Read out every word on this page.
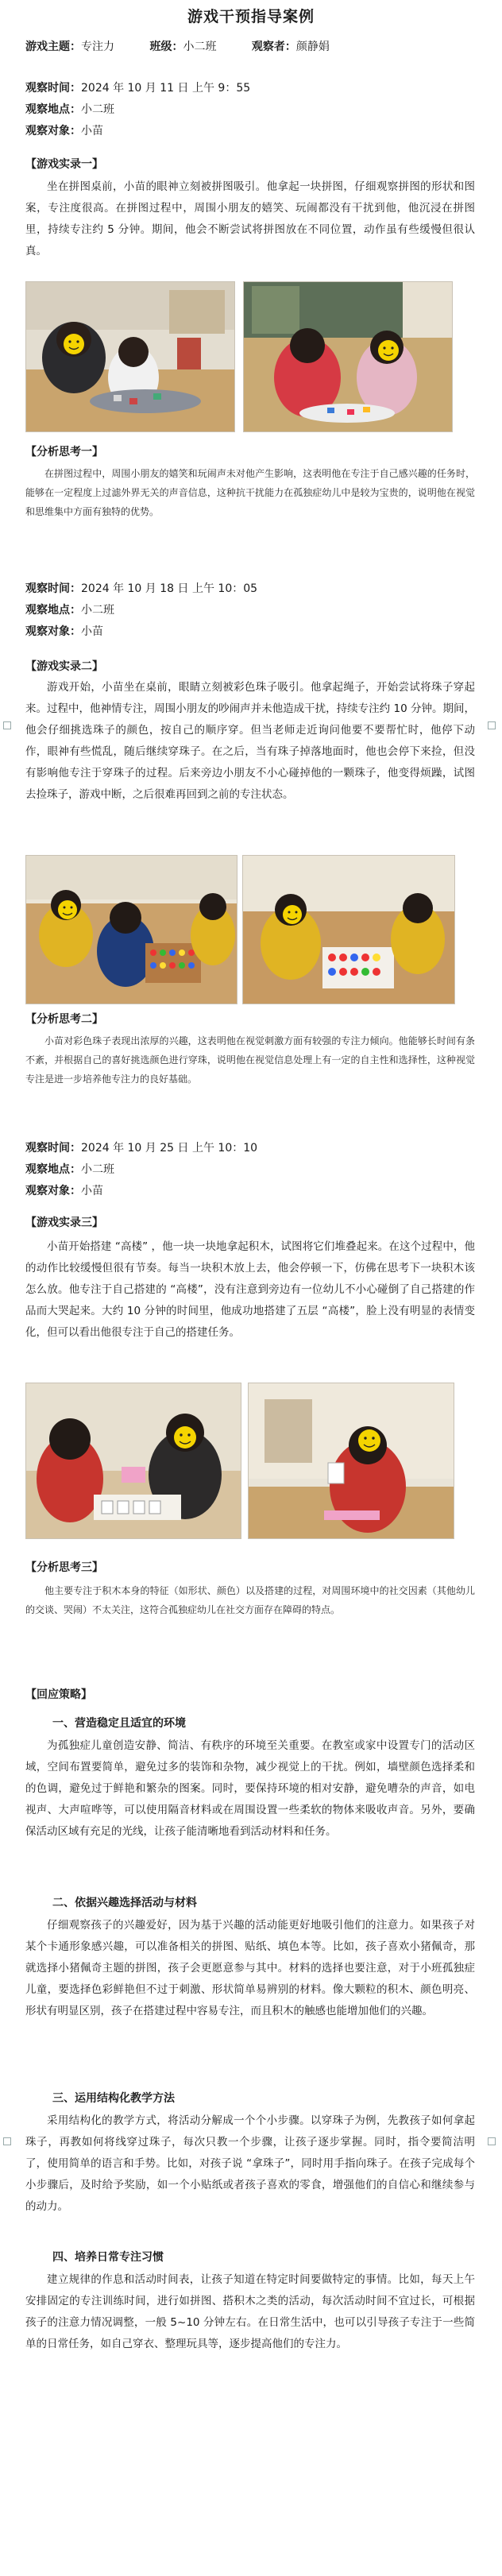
游戏干预指导案例
游戏主题：专注力	班级：小二班	观察者：颜静娟
观察时间：2024 年 10 月 11 日 上午 9：55
观察地点：小二班
观察对象：小苗
【游戏实录一】

坐在拼图桌前，小苗的眼神立刻被拼图吸引。他拿起一块拼图，仔细观察拼图的形状和图案，专注度很高。在拼图过程中，周围小朋友的嬉笑、玩闹都没有干扰到他，他沉浸在拼图里，持续专注约 5 分钟。期间，他会不断尝试将拼图放在不同位置，动作虽有些缓慢但很认真。

【分析思考一】

在拼图过程中，周围小朋友的嬉笑和玩闹声未对他产生影响，这表明他在专注于自己感兴趣的任务时，能够在一定程度上过滤外界无关的声音信息，这种抗干扰能力在孤独症幼儿中是较为宝贵的，说明他在视觉和思维集中方面有独特的优势。

观察时间：2024 年 10 月 18 日 上午 10：05
观察地点：小二班
观察对象：小苗
【游戏实录二】

游戏开始，小苗坐在桌前，眼睛立刻被彩色珠子吸引。他拿起绳子，开始尝试将珠子穿起来。过程中，他神情专注，周围小朋友的吵闹声并未他造成干扰，持续专注约 10 分钟。期间，他会仔细挑选珠子的颜色，按自己的顺序穿。但当老师走近询问他要不要帮忙时，他停下动作，眼神有些慌乱，随后继续穿珠子。在之后，当有珠子掉落地面时，他也会停下来捡，但没有影响他专注于穿珠子的过程。后来旁边小朋友不小心碰掉他的一颗珠子，他变得烦躁，试图去捡珠子，游戏中断，之后很难再回到之前的专注状态。

【分析思考二】

小苗对彩色珠子表现出浓厚的兴趣，这表明他在视觉刺激方面有较强的专注力倾向。他能够长时间有条不紊，并根据自己的喜好挑选颜色进行穿珠，说明他在视觉信息处理上有一定的自主性和选择性，这种视觉专注是进一步培养他专注力的良好基础。

观察时间：2024 年 10 月 25 日 上午 10：10
观察地点：小二班
观察对象：小苗
【游戏实录三】

小苗开始搭建 “高楼” ，他一块一块地拿起积木，试图将它们堆叠起来。在这个过程中，他的动作比较缓慢但很有节奏。每当一块积木放上去，他会停顿一下，仿佛在思考下一块积木该怎么放。他专注于自己搭建的 “高楼”，没有注意到旁边有一位幼儿不小心碰倒了自己搭建的作品而大哭起来。大约 10 分钟的时间里，他成功地搭建了五层 “高楼”，脸上没有明显的表情变化，但可以看出他很专注于自己的搭建任务。

【分析思考三】

他主要专注于积木本身的特征（如形状、颜色）以及搭建的过程，对周围环境中的社交因素（其他幼儿的交谈、哭闹）不太关注，这符合孤独症幼儿在社交方面存在障碍的特点。

【回应策略】
一、营造稳定且适宜的环境

为孤独症儿童创造安静、简洁、有秩序的环境至关重要。在教室或家中设置专门的活动区域，空间布置要简单，避免过多的装饰和杂物，减少视觉上的干扰。例如，墙壁颜色选择柔和的色调，避免过于鲜艳和繁杂的图案。同时，要保持环境的相对安静，避免嘈杂的声音，如电视声、大声喧哗等，可以使用隔音材料或在周围设置一些柔软的物体来吸收声音。另外，要确保活动区域有充足的光线，让孩子能清晰地看到活动材料和任务。

二、依据兴趣选择活动与材料

仔细观察孩子的兴趣爱好，因为基于兴趣的活动能更好地吸引他们的注意力。如果孩子对某个卡通形象感兴趣，可以准备相关的拼图、贴纸、填色本等。比如，孩子喜欢小猪佩奇，那就选择小猪佩奇主题的拼图，孩子会更愿意参与其中。材料的选择也要注意，对于小班孤独症儿童，要选择色彩鲜艳但不过于刺激、形状简单易辨别的材料。像大颗粒的积木、颜色明亮、形状有明显区别，孩子在搭建过程中容易专注，而且积木的触感也能增加他们的兴趣。

三、运用结构化教学方法

采用结构化的教学方式，将活动分解成一个个小步骤。以穿珠子为例，先教孩子如何拿起珠子，再教如何将线穿过珠子，每次只教一个步骤，让孩子逐步掌握。同时，指令要简洁明了，使用简单的语言和手势。比如，对孩子说 “拿珠子”，同时用手指向珠子。在孩子完成每个小步骤后，及时给予奖励，如一个小贴纸或者孩子喜欢的零食，增强他们的自信心和继续参与的动力。

四、培养日常专注习惯

建立规律的作息和活动时间表，让孩子知道在特定时间要做特定的事情。比如，每天上午安排固定的专注训练时间，进行如拼图、搭积木之类的活动，每次活动时间不宜过长，可根据孩子的注意力情况调整，一般 5~10 分钟左右。在日常生活中，也可以引导孩子专注于一些简单的日常任务，如自己穿衣、整理玩具等，逐步提高他们的专注力。
